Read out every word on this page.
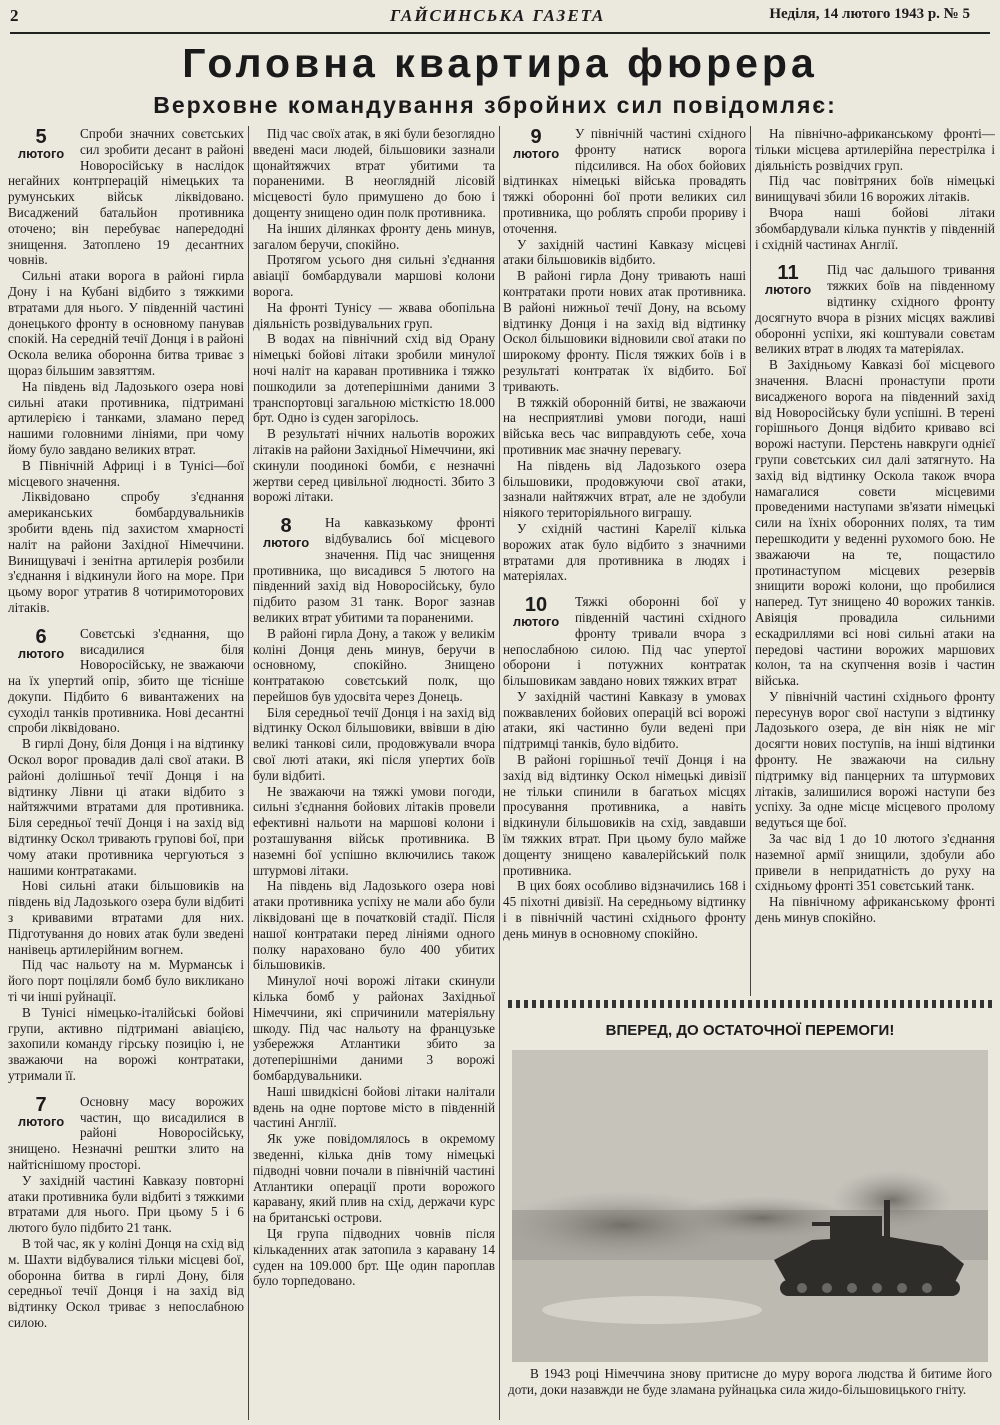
2	ГАЙСИНСЬКА ГАЗЕТА	Неділя, 14 лютого 1943 р. № 5
Головна квартира фюрера
Верховне командування збройних сил повідомляє:
5
лютого

Спроби значних совєтських сил зробити десант в районі Новоросійську в наслідок негайних контрперацій німецьких та румунських військ ліквідовано. Висаджений батальйон противника оточено; він перебуває напередодні знищення. Затоплено 19 десантних човнів.

Сильні атаки ворога в районі гирла Дону і на Кубані відбито з тяжкими втратами для нього. У південній частині донецького фронту в основному панував спокій. На середній течії Донця і в районі Оскола велика оборонна битва триває з щораз більшим завзяттям.

На південь від Ладозького озера нові сильні атаки противника, підтримані артилерією і танками, зламано перед нашими головними лініями, при чому йому було завдано великих втрат.

В Північній Африці і в Тунісі—бої місцевого значення.

Ліквідовано спробу з'єднання американських бомбардувальників зробити вдень під захистом хмарності наліт на райони Західної Німеччини. Винищувачі і зенітна артилерія розбили з'єднання і відкинули його на море. При цьому ворог утратив 8 чотиримоторових літаків.

6
лютого

Совєтські з'єднання, що висадилися біля Новоросійську, не зважаючи на їх упертий опір, збито ще тісніше докупи. Підбито 6 вивантажених на суходіл танків противника. Нові десантні спроби ліквідовано.

В гирлі Дону, біля Донця і на відтинку Оскол ворог провадив далі свої атаки. В районі долішньої течії Донця і на відтинку Лівни ці атаки відбито з найтяжчими втратами для противника. Біля середньої течії Донця і на захід від відтинку Оскол тривають групові бої, при чому атаки противника чергуються з нашими контратаками.

Нові сильні атаки більшовиків на південь від Ладозького озера були відбиті з кривавими втратами для них. Підготування до нових атак були зведені нанівець артилерійним вогнем.

Під час нальоту на м. Мурманськ і його порт поціляли бомб було викликано ті чи інші руйнації.

В Тунісі німецько-італійські бойові групи, активно підтримані авіацією, захопили команду гірську позицію і, не зважаючи на ворожі контратаки, утримали її.

7
лютого

Основну масу ворожих частин, що висадилися в районі Новоросійську, знищено. Незначні рештки злито на найтіснішому просторі.

У західній частині Кавказу повторні атаки противника були відбиті з тяжкими втратами для нього. При цьому 5 і 6 лютого було підбито 21 танк.

В той час, як у коліні Донця на схід від м. Шахти відбувалися тільки місцеві бої, оборонна битва в гирлі Дону, біля середньої течії Донця і на захід від відтинку Оскол триває з непослабною силою.

Під час своїх атак, в які були безоглядно введені маси людей, більшовики зазнали щонайтяжчих втрат убитими та пораненими. В неоглядній лісовій місцевості було примушено до бою і дощенту знищено один полк противника.

На інших ділянках фронту день минув, загалом беручи, спокійно.

Протягом усього дня сильні з'єднання авіації бомбардували маршові колони ворога.

На фронті Тунісу — жвава обопільна діяльність розвідувальних груп.

В водах на північний схід від Орану німецькі бойові літаки зробили минулої ночі наліт на караван противника і тяжко пошкодили за дотеперішніми даними 3 транспортовці загальною місткістю 18.000 брт. Одно із суден загорілось.

В результаті нічних нальотів ворожих літаків на райони Західньої Німеччини, які скинули поодинокі бомби, є незначні жертви серед цивільної людності. Збито 3 ворожі літаки.

8
лютого

На кавказькому фронті відбувались бої місцевого значення. Під час знищення противника, що висадився 5 лютого на південний захід від Новоросійську, було підбито разом 31 танк. Ворог зазнав великих втрат убитими та пораненими.

В районі гирла Дону, а також у великім коліні Донця день минув, беручи в основному, спокійно. Знищено контратакою совєтський полк, що перейшов був удосвіта через Донець.

Біля середньої течії Донця і на захід від відтинку Оскол більшовики, ввівши в дію великі танкові сили, продовжували вчора свої люті атаки, які після упертих боїв були відбиті.

Не зважаючи на тяжкі умови погоди, сильні з'єднання бойових літаків провели ефективні нальоти на маршові колони і розташування військ противника. В наземні бої успішно включились також штурмові літаки.

На південь від Ладозького озера нові атаки противника успіху не мали або були ліквідовані ще в початковій стадії. Після нашої контратаки перед лініями одного полку нараховано було 400 убитих більшовиків.

Минулої ночі ворожі літаки скинули кілька бомб у районах Західньої Німеччини, які спричинили матеріяльну шкоду. Під час нальоту на французьке узбережжя Атлантики збито за дотеперішніми даними 3 ворожі бомбардувальники.

Наші швидкісні бойові літаки налітали вдень на одне портове місто в південній частині Англії.

Як уже повідомлялось в окремому зведенні, кілька днів тому німецькі підводні човни почали в північній частині Атлантики операції проти ворожого каравану, який плив на схід, держачи курс на британські острови.

Ця група підводних човнів після кількаденних атак затопила з каравану 14 суден на 109.000 брт. Ще один пароплав було торпедовано.

9
лютого

У північній частині східного фронту натиск ворога підсилився. На обох бойових відтинках німецькі війська провадять тяжкі оборонні бої проти великих сил противника, що роблять спроби прориву і оточення.

У західній частині Кавказу місцеві атаки більшовиків відбито.

В районі гирла Дону тривають наші контратаки проти нових атак противника. В районі нижньої течії Дону, на всьому відтинку Донця і на захід від відтинку Оскол більшовики відновили свої атаки по широкому фронту. Після тяжких боїв і в результаті контратак їх відбито. Бої тривають.

В тяжкій оборонній битві, не зважаючи на несприятливі умови погоди, наші війська весь час виправдують себе, хоча противник має значну перевагу.

На південь від Ладозького озера більшовики, продовжуючи свої атаки, зазнали найтяжчих втрат, але не здобули ніякого територіяльного виграшу.

У східній частині Карелії кілька ворожих атак було відбито з значними втратами для противника в людях і матеріялах.

10
лютого

Тяжкі оборонні бої у південній частині східного фронту тривали вчора з непослабною силою. Під час упертої оборони і потужних контратак більшовикам завдано нових тяжких втрат

У західній частині Кавказу в умовах пожвавлених бойових операцій всі ворожі атаки, які частинно були ведені при підтримці танків, було відбито.

В районі горішньої течії Донця і на захід від відтинку Оскол німецькі дивізії не тільки спинили в багатьох місцях просування противника, а навіть відкинули більшовиків на схід, завдавши їм тяжких втрат. При цьому було майже дощенту знищено кавалерійський полк противника.

В цих боях особливо відзначились 168 і 45 піхотні дивізії. На середньому відтинку і в північній частині східнього фронту день минув в основному спокійно.

На північно-африканському фронті—тільки місцева артилерійна перестрілка і діяльність розвідчих груп.

Під час повітряних боїв німецькі винищувачі збили 16 ворожих літаків.

Вчора наші бойові літаки збомбардували кілька пунктів у південній і східній частинах Англії.

11
лютого

Під час дальшого тривання тяжких боїв на південному відтинку східного фронту досягнуто вчора в різних місцях важливі оборонні успіхи, які коштували совєтам великих втрат в людях та матеріялах.

В Західньому Кавказі бої місцевого значення. Власні пронаступи проти висадженого ворога на південний захід від Новоросійську були успішні. В терені горішнього Донця відбито криваво всі ворожі наступи. Перстень навкруги однієї групи совєтських сил далі затягнуто. На захід від відтинку Оскола також вчора намагалися совєти місцевими проведеними наступами зв'язати німецькі сили на їхніх оборонних полях, та тим перешкодити у веденні рухомого бою. Не зважаючи на те, пощастило протинаступом місцевих резервів знищити ворожі колони, що пробилися наперед. Тут знищено 40 ворожих танків. Авіяція провадила сильними ескадриллями всі нові сильні атаки на передові частини ворожих маршових колон, та на скупчення возів і частин війська.

У північній частині східнього фронту пересунув ворог свої наступи з відтинку Ладозького озера, де він ніяк не міг досягти нових поступів, на інші відтинки фронту. Не зважаючи на сильну підтримку від панцерних та штурмових літаків, залишилися ворожі наступи без успіху. За одне місце місцевого пролому ведуться ще бої.

За час від 1 до 10 лютого з'єднання наземної армії знищили, здобули або привели в непридатність до руху на східньому фронті 351 совєтський танк.

На північному африканському фронті день минув спокійно.

ВПЕРЕД, ДО ОСТАТОЧНОЇ ПЕРЕМОГИ!

В 1943 році Німеччина знову притисне до муру ворога людства й битиме його доти, доки назавжди не буде зламана руйнацька сила жидо-більшовицького гніту.
